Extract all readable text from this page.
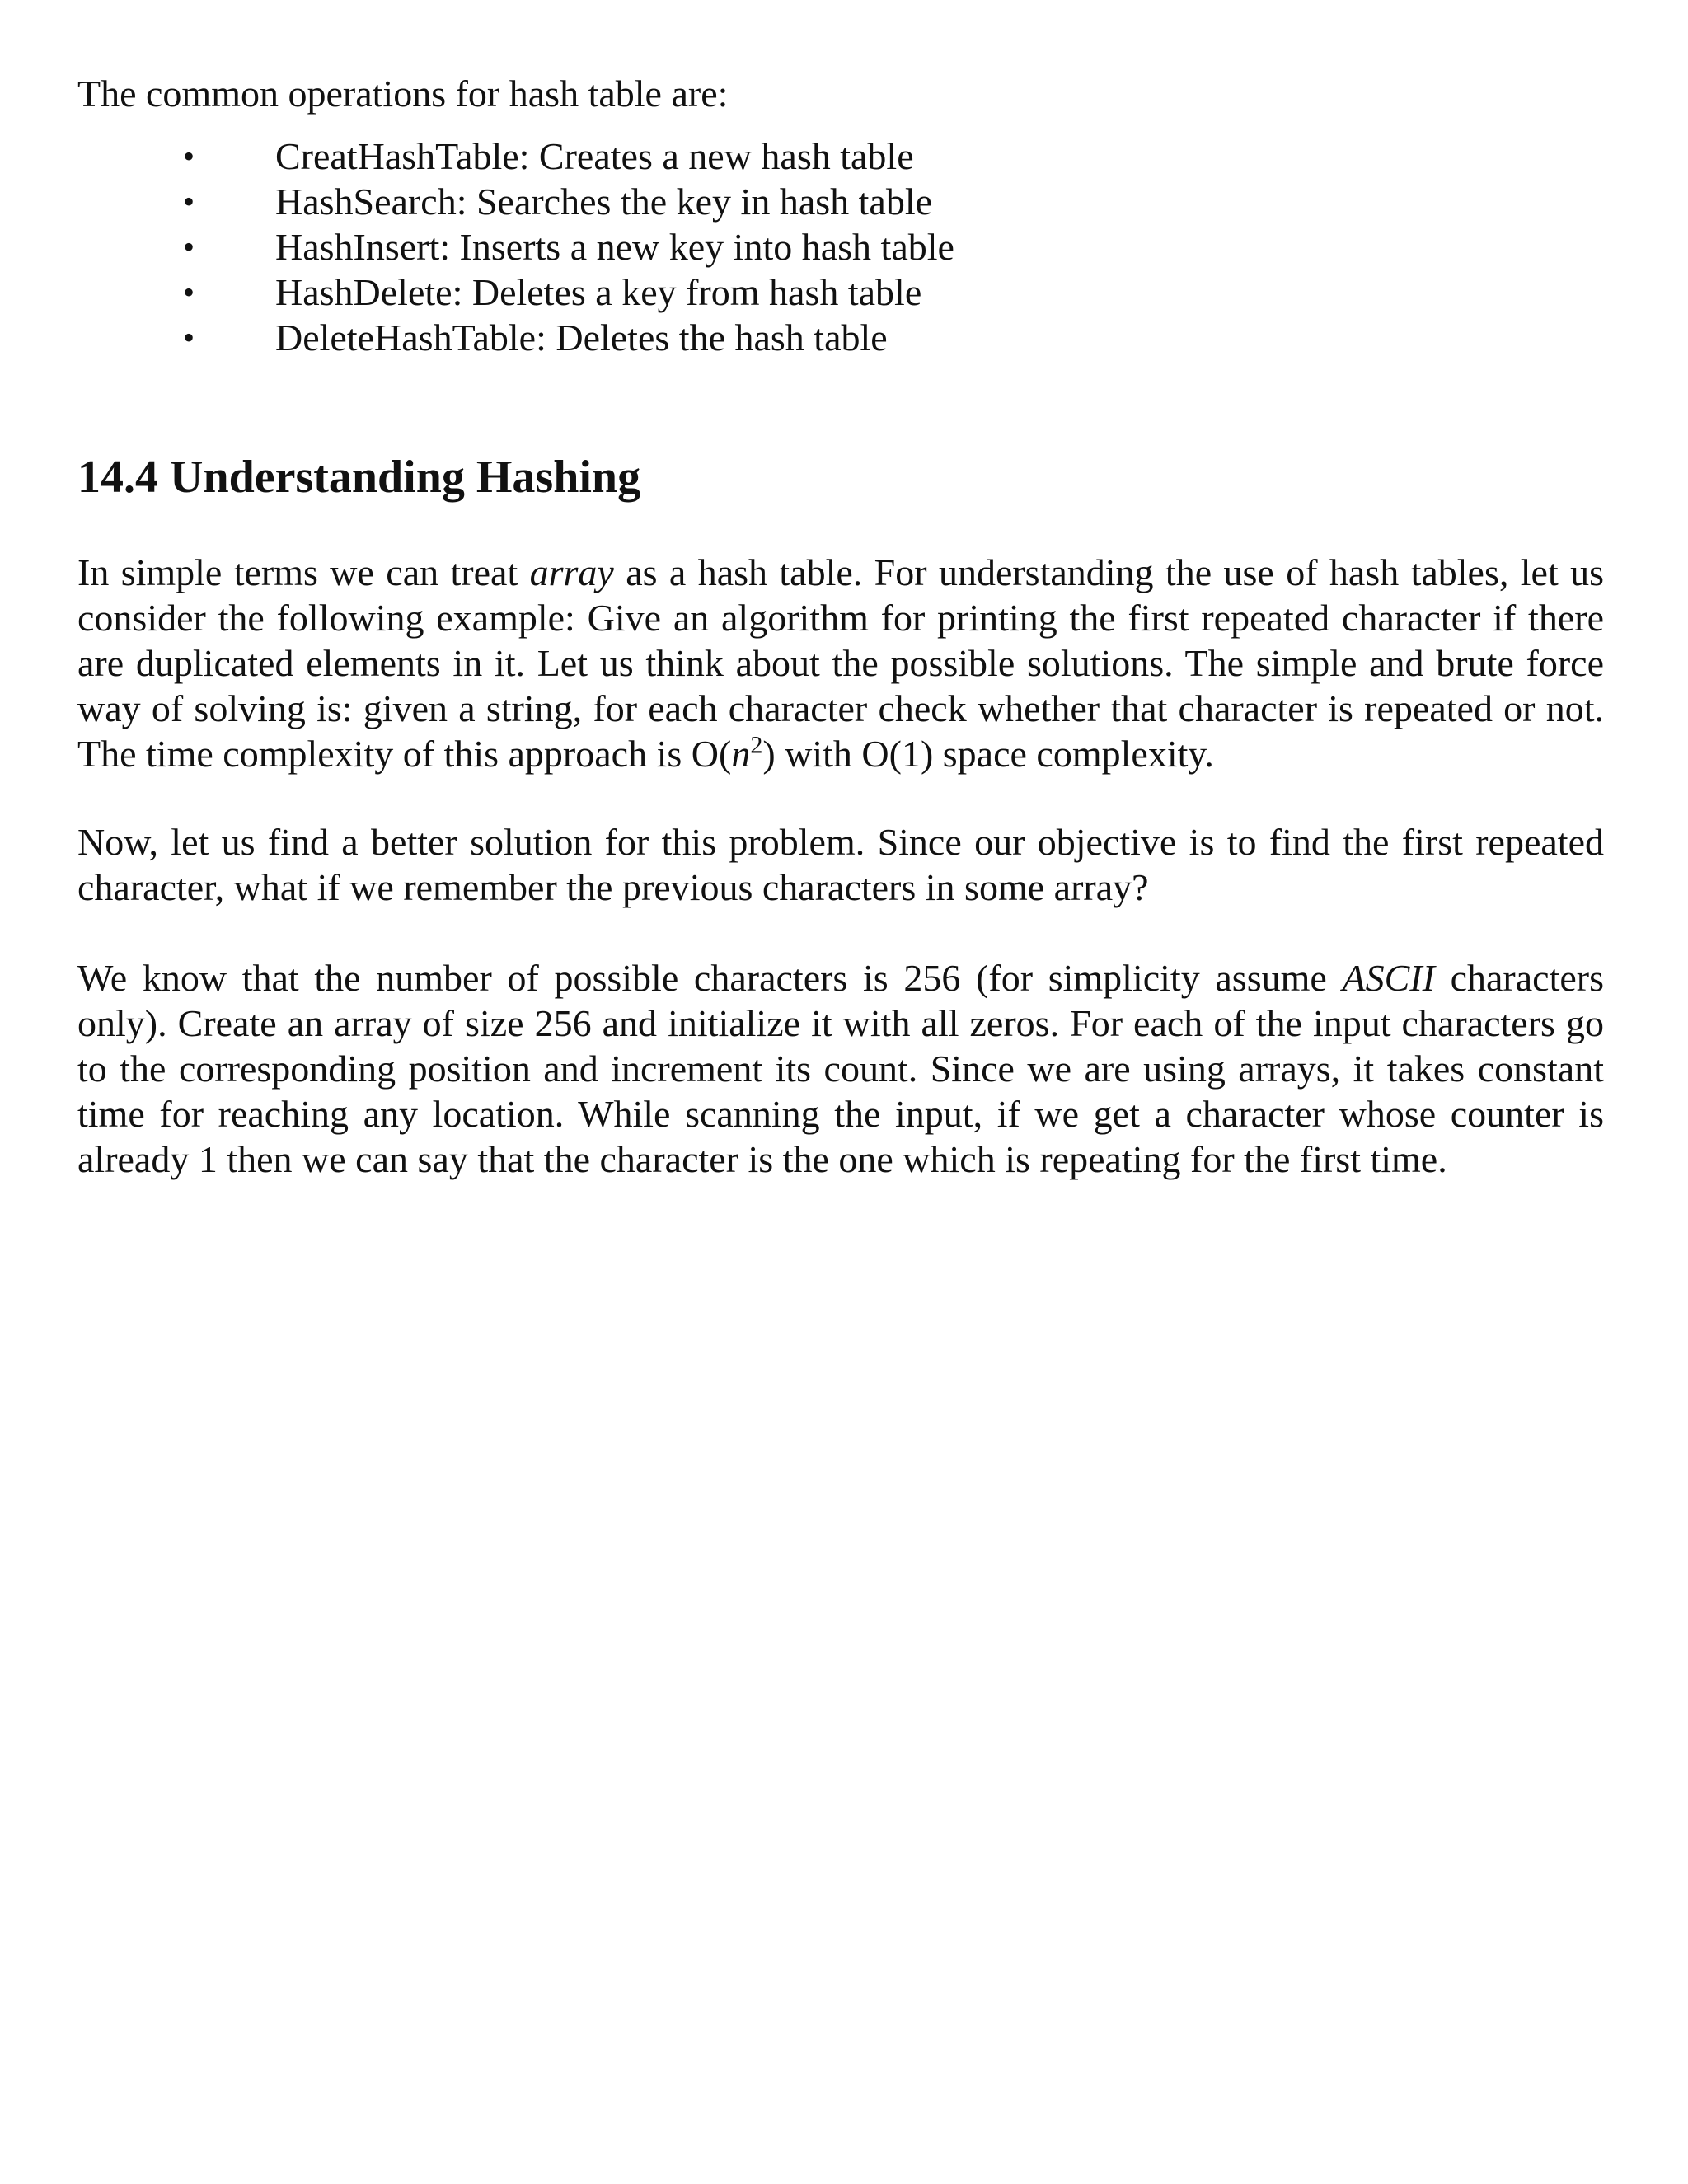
The common operations for hash table are:

• CreatHashTable: Creates a new hash table
• HashSearch: Searches the key in hash table
• HashInsert: Inserts a new key into hash table
• HashDelete: Deletes a key from hash table
• DeleteHashTable: Deletes the hash table
14.4 Understanding Hashing

In simple terms we can treat array as a hash table. For understanding the use of hash tables, let us consider the following example: Give an algorithm for printing the first repeated character if there are duplicated elements in it. Let us think about the possible solutions. The simple and brute force way of solving is: given a string, for each character check whether that character is repeated or not. The time complexity of this approach is $O(n^2)$ with O(1) space complexity.

Now, let us find a better solution for this problem. Since our objective is to find the first repeated character, what if we remember the previous characters in some array?

We know that the number of possible characters is 256 (for simplicity assume ASCII characters only). Create an array of size 256 and initialize it with all zeros. For each of the input characters go to the corresponding position and increment its count. Since we are using arrays, it takes constant time for reaching any location. While scanning the input, if we get a character whose counter is already 1 then we can say that the character is the one which is repeating for the first time.
